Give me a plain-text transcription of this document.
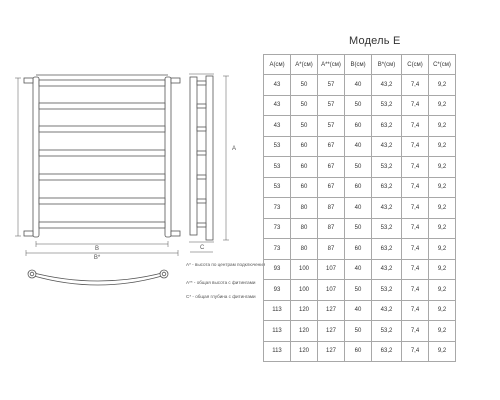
Модель Е
B
B*
A
C

A* - высота по центрам подключения

A** - общая высота с фитингами

C* - общая глубина с фитингами

A(см)	A*(см)	A**(см)	B(см)	B*(см)	C(см)	C*(см)
43	50	57	40	43,2	7,4	9,2
43	50	57	50	53,2	7,4	9,2
43	50	57	60	63,2	7,4	9,2
53	60	67	40	43,2	7,4	9,2
53	60	67	50	53,2	7,4	9,2
53	60	67	60	63,2	7,4	9,2
73	80	87	40	43,2	7,4	9,2
73	80	87	50	53,2	7,4	9,2
73	80	87	60	63,2	7,4	9,2
93	100	107	40	43,2	7,4	9,2
93	100	107	50	53,2	7,4	9,2
113	120	127	40	43,2	7,4	9,2
113	120	127	50	53,2	7,4	9,2
113	120	127	60	63,2	7,4	9,2
